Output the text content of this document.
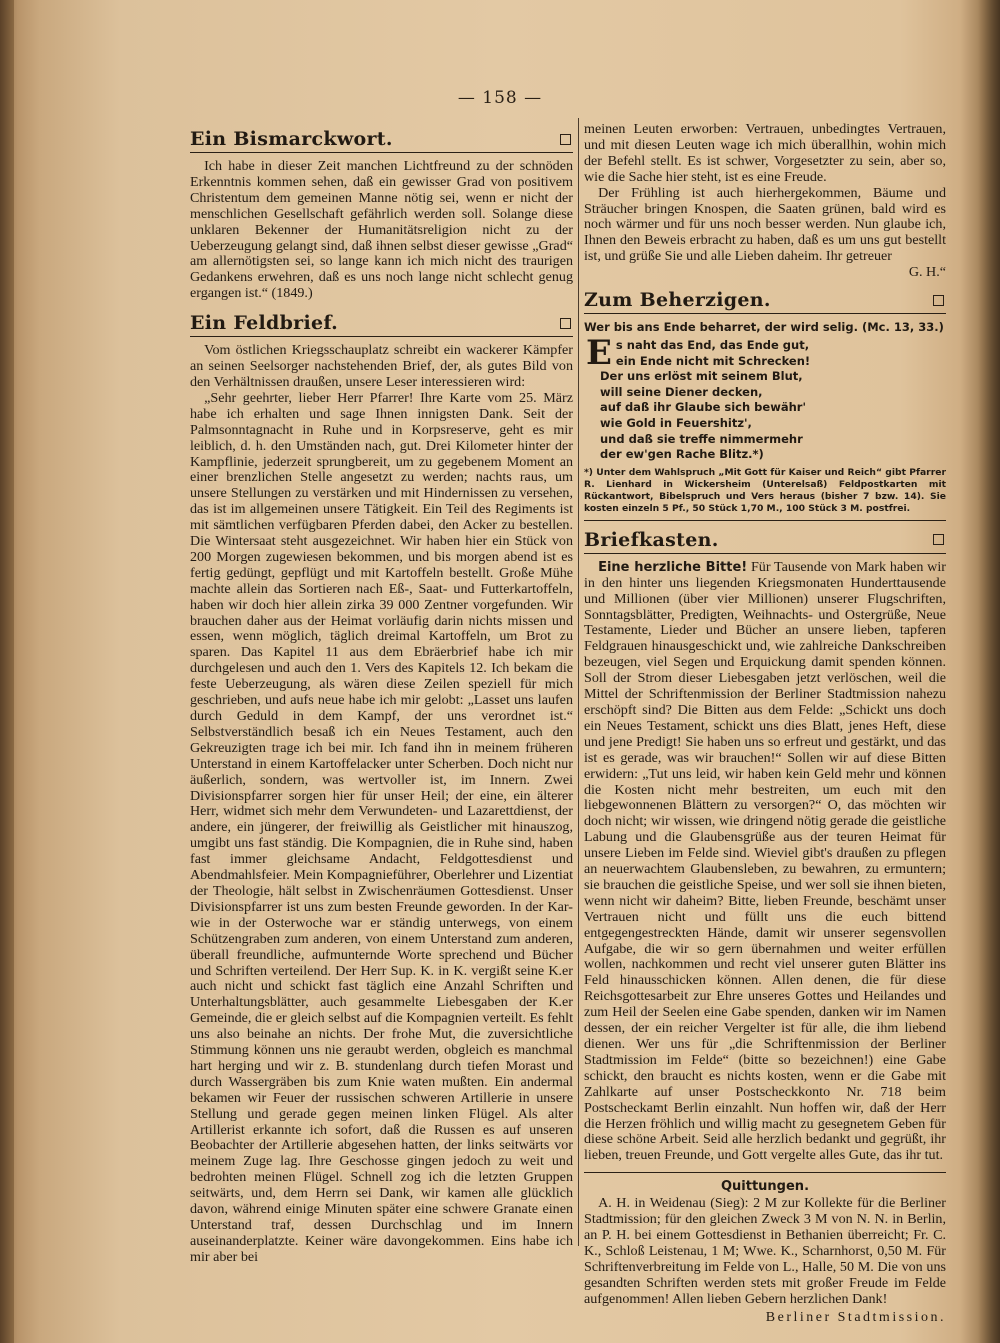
— 158 —
Ein Bismarckwort.

Ich habe in dieser Zeit manchen Lichtfreund zu der schnöden Erkenntnis kommen sehen, daß ein gewisser Grad von positivem Christentum dem gemeinen Manne nötig sei, wenn er nicht der menschlichen Gesellschaft gefährlich werden soll. Solange diese unklaren Bekenner der Humanitätsreligion nicht zu der Ueberzeugung gelangt sind, daß ihnen selbst dieser gewisse „Grad“ am allernötigsten sei, so lange kann ich mich nicht des traurigen Gedankens erwehren, daß es uns noch lange nicht schlecht genug ergangen ist.“ (1849.)

Ein Feldbrief.

Vom östlichen Kriegsschauplatz schreibt ein wackerer Kämpfer an seinen Seelsorger nachstehenden Brief, der, als gutes Bild von den Verhältnissen draußen, unsere Leser interessieren wird:

„Sehr geehrter, lieber Herr Pfarrer! Ihre Karte vom 25. März habe ich erhalten und sage Ihnen innigsten Dank. Seit der Palmsonntagnacht in Ruhe und in Korpsreserve, geht es mir leiblich, d. h. den Umständen nach, gut. Drei Kilometer hinter der Kampflinie, jederzeit sprungbereit, um zu gegebenem Moment an einer brenzlichen Stelle angesetzt zu werden; nachts raus, um unsere Stellungen zu verstärken und mit Hindernissen zu versehen, das ist im allgemeinen unsere Tätigkeit. Ein Teil des Regiments ist mit sämtlichen verfügbaren Pferden dabei, den Acker zu bestellen. Die Wintersaat steht ausgezeichnet. Wir haben hier ein Stück von 200 Morgen zugewiesen bekommen, und bis morgen abend ist es fertig gedüngt, gepflügt und mit Kartoffeln bestellt. Große Mühe machte allein das Sortieren nach Eß-, Saat- und Futterkartoffeln, haben wir doch hier allein zirka 39 000 Zentner vorgefunden. Wir brauchen daher aus der Heimat vorläufig darin nichts missen und essen, wenn möglich, täglich dreimal Kartoffeln, um Brot zu sparen. Das Kapitel 11 aus dem Ebräerbrief habe ich mir durchgelesen und auch den 1. Vers des Kapitels 12. Ich bekam die feste Ueberzeugung, als wären diese Zeilen speziell für mich geschrieben, und aufs neue habe ich mir gelobt: „Lasset uns laufen durch Geduld in dem Kampf, der uns verordnet ist.“ Selbstverständlich besaß ich ein Neues Testament, auch den Gekreuzigten trage ich bei mir. Ich fand ihn in meinem früheren Unterstand in einem Kartoffelacker unter Scherben. Doch nicht nur äußerlich, sondern, was wertvoller ist, im Innern. Zwei Divisionspfarrer sorgen hier für unser Heil; der eine, ein älterer Herr, widmet sich mehr dem Verwundeten- und Lazarettdienst, der andere, ein jüngerer, der freiwillig als Geistlicher mit hinauszog, umgibt uns fast ständig. Die Kompagnien, die in Ruhe sind, haben fast immer gleichsame Andacht, Feldgottesdienst und Abendmahlsfeier. Mein Kompagnieführer, Oberlehrer und Lizentiat der Theologie, hält selbst in Zwischenräumen Gottesdienst. Unser Divisionspfarrer ist uns zum besten Freunde geworden. In der Kar- wie in der Osterwoche war er ständig unterwegs, von einem Schützengraben zum anderen, von einem Unterstand zum anderen, überall freundliche, aufmunternde Worte sprechend und Bücher und Schriften verteilend. Der Herr Sup. K. in K. vergißt seine K.er auch nicht und schickt fast täglich eine Anzahl Schriften und Unterhaltungsblätter, auch gesammelte Liebesgaben der K.er Gemeinde, die er gleich selbst auf die Kompagnien verteilt. Es fehlt uns also beinahe an nichts. Der frohe Mut, die zuversichtliche Stimmung können uns nie geraubt werden, obgleich es manchmal hart herging und wir z. B. stundenlang durch tiefen Morast und durch Wassergräben bis zum Knie waten mußten. Ein andermal bekamen wir Feuer der russischen schweren Artillerie in unsere Stellung und gerade gegen meinen linken Flügel. Als alter Artillerist erkannte ich sofort, daß die Russen es auf unseren Beobachter der Artillerie abgesehen hatten, der links seitwärts vor meinem Zuge lag. Ihre Geschosse gingen jedoch zu weit und bedrohten meinen Flügel. Schnell zog ich die letzten Gruppen seitwärts, und, dem Herrn sei Dank, wir kamen alle glücklich davon, während einige Minuten später eine schwere Granate einen Unterstand traf, dessen Durchschlag und im Innern auseinanderplatzte. Keiner wäre davongekommen. Eins habe ich mir aber bei

meinen Leuten erworben: Vertrauen, unbedingtes Vertrauen, und mit diesen Leuten wage ich mich überallhin, wohin mich der Befehl stellt. Es ist schwer, Vorgesetzter zu sein, aber so, wie die Sache hier steht, ist es eine Freude.

Der Frühling ist auch hierhergekommen, Bäume und Sträucher bringen Knospen, die Saaten grünen, bald wird es noch wärmer und für uns noch besser werden. Nun glaube ich, Ihnen den Beweis erbracht zu haben, daß es um uns gut bestellt ist, und grüße Sie und alle Lieben daheim. Ihr getreuer

G. H.“
Zum Beherzigen.

Wer bis ans Ende beharret, der wird selig. (Mc. 13, 33.)

E s naht das End, das Ende gut,
ein Ende nicht mit Schrecken!
Der uns erlöst mit seinem Blut,
will seine Diener decken,
auf daß ihr Glaube sich bewähr'
wie Gold in Feuershitz',
und daß sie treffe nimmermehr
der ew'gen Rache Blitz.*)

*) Unter dem Wahlspruch „Mit Gott für Kaiser und Reich“ gibt Pfarrer R. Lienhard in Wickersheim (Unterelsaß) Feldpostkarten mit Rückantwort, Bibelspruch und Vers heraus (bisher 7 bzw. 14). Sie kosten einzeln 5 Pf., 50 Stück 1,70 M., 100 Stück 3 M. postfrei.

Briefkasten.

Eine herzliche Bitte! Für Tausende von Mark haben wir in den hinter uns liegenden Kriegsmonaten Hunderttausende und Millionen (über vier Millionen) unserer Flugschriften, Sonntagsblätter, Predigten, Weihnachts- und Ostergrüße, Neue Testamente, Lieder und Bücher an unsere lieben, tapferen Feldgrauen hinausgeschickt und, wie zahlreiche Dankschreiben bezeugen, viel Segen und Erquickung damit spenden können. Soll der Strom dieser Liebesgaben jetzt verlöschen, weil die Mittel der Schriftenmission der Berliner Stadtmission nahezu erschöpft sind? Die Bitten aus dem Felde: „Schickt uns doch ein Neues Testament, schickt uns dies Blatt, jenes Heft, diese und jene Predigt! Sie haben uns so erfreut und gestärkt, und das ist es gerade, was wir brauchen!“ Sollen wir auf diese Bitten erwidern: „Tut uns leid, wir haben kein Geld mehr und können die Kosten nicht mehr bestreiten, um euch mit den liebgewonnenen Blättern zu versorgen?“ O, das möchten wir doch nicht; wir wissen, wie dringend nötig gerade die geistliche Labung und die Glaubensgrüße aus der teuren Heimat für unsere Lieben im Felde sind. Wieviel gibt's draußen zu pflegen an neuerwachtem Glaubensleben, zu bewahren, zu ermuntern; sie brauchen die geistliche Speise, und wer soll sie ihnen bieten, wenn nicht wir daheim? Bitte, lieben Freunde, beschämt unser Vertrauen nicht und füllt uns die euch bittend entgegengestreckten Hände, damit wir unserer segensvollen Aufgabe, die wir so gern übernahmen und weiter erfüllen wollen, nachkommen und recht viel unserer guten Blätter ins Feld hinausschicken können. Allen denen, die für diese Reichsgottesarbeit zur Ehre unseres Gottes und Heilandes und zum Heil der Seelen eine Gabe spenden, danken wir im Namen dessen, der ein reicher Vergelter ist für alle, die ihm liebend dienen. Wer uns für „die Schriftenmission der Berliner Stadtmission im Felde“ (bitte so bezeichnen!) eine Gabe schickt, den braucht es nichts kosten, wenn er die Gabe mit Zahlkarte auf unser Postscheckkonto Nr. 718 beim Postscheckamt Berlin einzahlt. Nun hoffen wir, daß der Herr die Herzen fröhlich und willig macht zu gesegnetem Geben für diese schöne Arbeit. Seid alle herzlich bedankt und gegrüßt, ihr lieben, treuen Freunde, und Gott vergelte alles Gute, das ihr tut.

Quittungen.

A. H. in Weidenau (Sieg): 2 M zur Kollekte für die Berliner Stadtmission; für den gleichen Zweck 3 M von N. N. in Berlin, an P. H. bei einem Gottesdienst in Bethanien überreicht; Fr. C. K., Schloß Leistenau, 1 M; Wwe. K., Scharnhorst, 0,50 M. Für Schriftenverbreitung im Felde von L., Halle, 50 M. Die von uns gesandten Schriften werden stets mit großer Freude im Felde aufgenommen! Allen lieben Gebern herzlichen Dank!

Berliner Stadtmission.
